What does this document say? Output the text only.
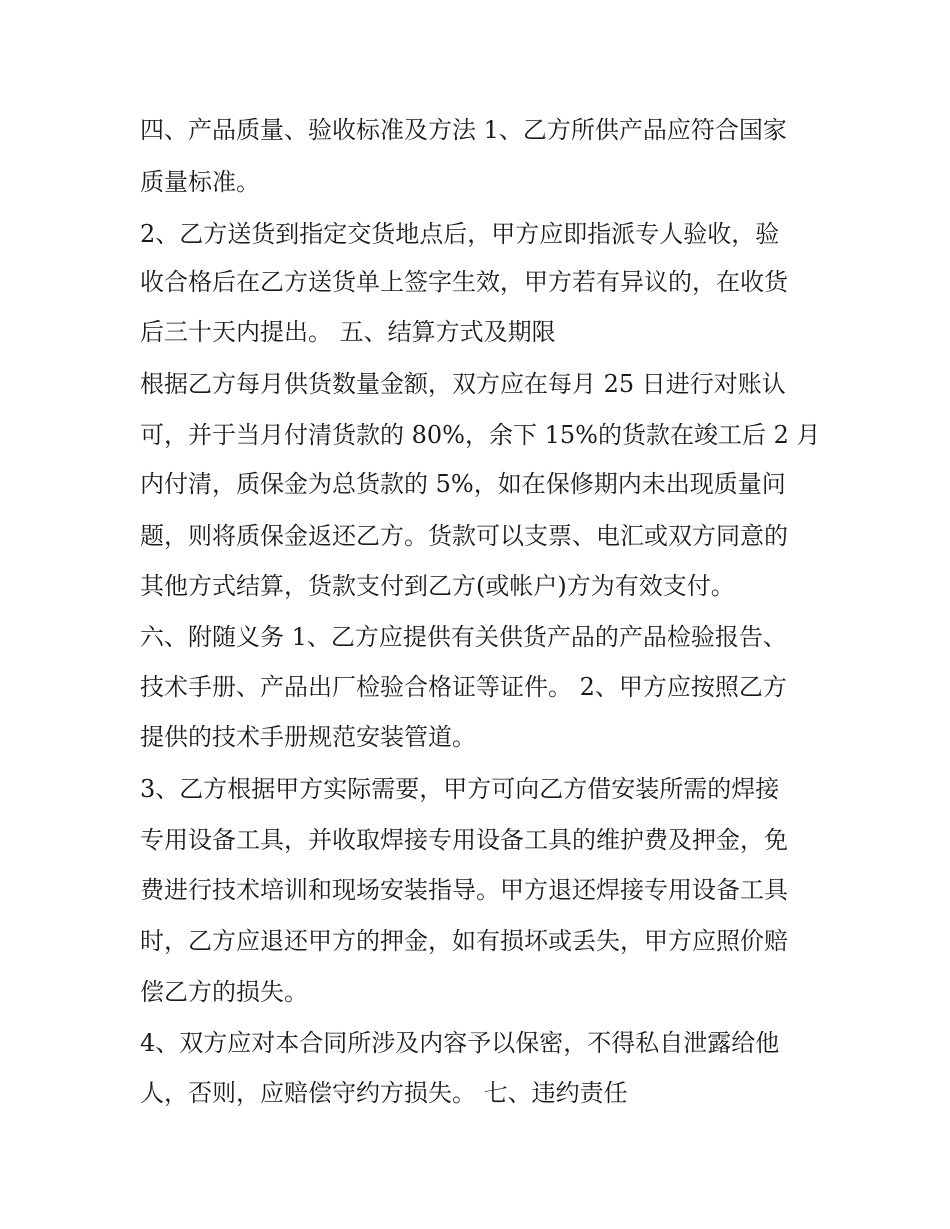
四、产品质量、验收标准及方法 1、乙方所供产品应符合国家
质量标准。
2、乙方送货到指定交货地点后，甲方应即指派专人验收，验
收合格后在乙方送货单上签字生效，甲方若有异议的，在收货
后三十天内提出。 五、结算方式及期限
根据乙方每月供货数量金额，双方应在每月 25 日进行对账认
可，并于当月付清货款的 80%，余下 15%的货款在竣工后 2 月
内付清，质保金为总货款的 5%，如在保修期内未出现质量问
题，则将质保金返还乙方。货款可以支票、电汇或双方同意的
其他方式结算，货款支付到乙方(或帐户)方为有效支付。
六、附随义务 1、乙方应提供有关供货产品的产品检验报告、
技术手册、产品出厂检验合格证等证件。 2、甲方应按照乙方
提供的技术手册规范安装管道。
3、乙方根据甲方实际需要，甲方可向乙方借安装所需的焊接
专用设备工具，并收取焊接专用设备工具的维护费及押金，免
费进行技术培训和现场安装指导。甲方退还焊接专用设备工具
时，乙方应退还甲方的押金，如有损坏或丢失，甲方应照价赔
偿乙方的损失。
4、双方应对本合同所涉及内容予以保密，不得私自泄露给他
人，否则，应赔偿守约方损失。 七、违约责任
